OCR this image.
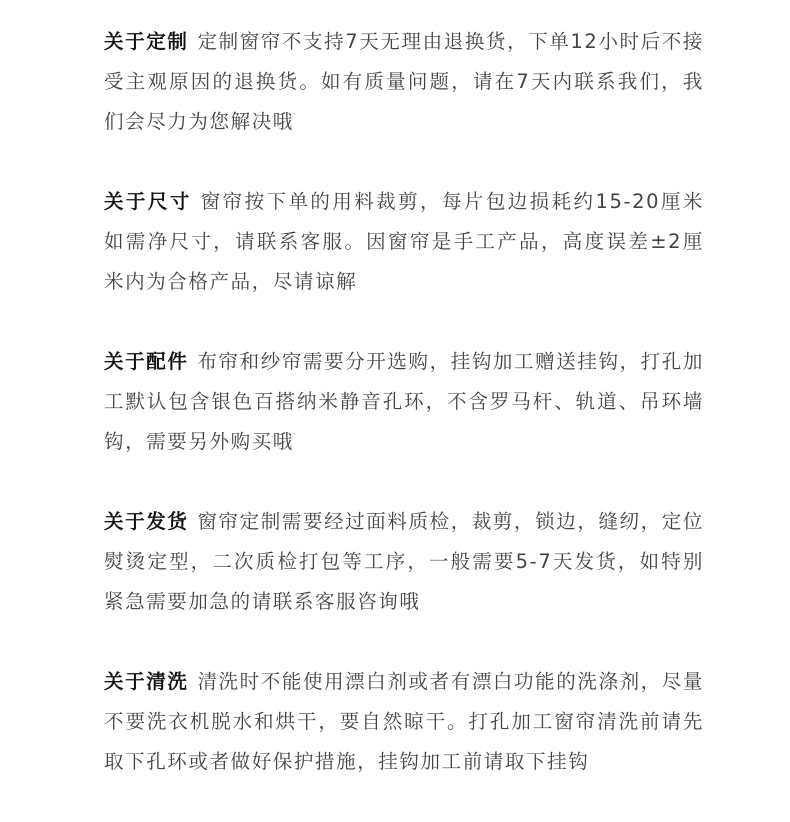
关于定制 定制窗帘不支持7天无理由退换货，下单12小时后不接受主观原因的退换货。如有质量问题，请在7天内联系我们，我们会尽力为您解决哦

关于尺寸 窗帘按下单的用料裁剪，每片包边损耗约15-20厘米如需净尺寸，请联系客服。因窗帘是手工产品，高度误差±2厘米内为合格产品，尽请谅解

关于配件 布帘和纱帘需要分开选购，挂钩加工赠送挂钩，打孔加工默认包含银色百搭纳米静音孔环，不含罗马杆、轨道、吊环墙钩，需要另外购买哦

关于发货 窗帘定制需要经过面料质检，裁剪，锁边，缝纫，定位熨烫定型，二次质检打包等工序，一般需要5-7天发货，如特别紧急需要加急的请联系客服咨询哦

关于清洗 清洗时不能使用漂白剂或者有漂白功能的洗涤剂，尽量不要洗衣机脱水和烘干，要自然晾干。打孔加工窗帘清洗前请先取下孔环或者做好保护措施，挂钩加工前请取下挂钩
